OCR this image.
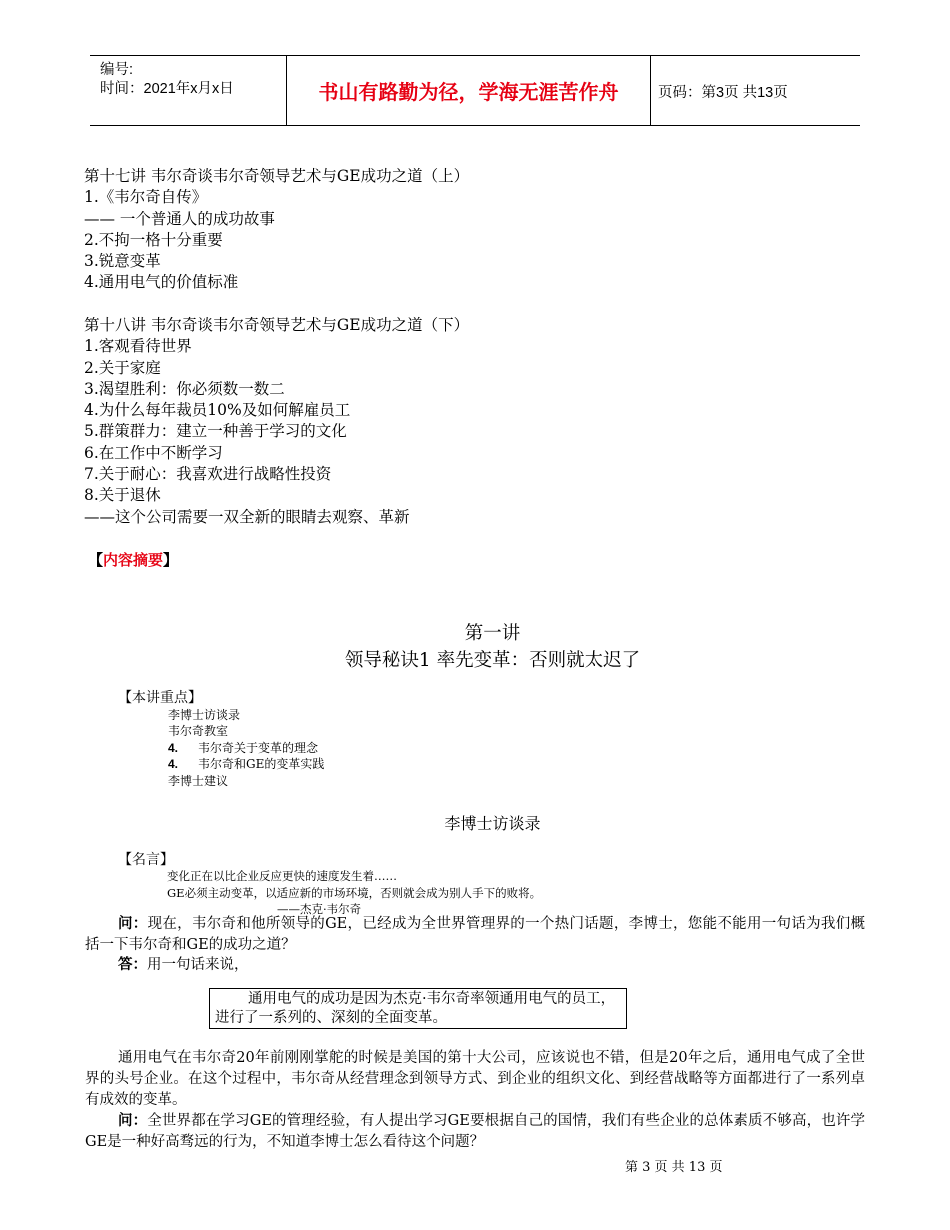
编号:
时间：2021年x月x日	书山有路勤为径，学海无涯苦作舟	页码：第3页 共13页
第十七讲 韦尔奇谈韦尔奇领导艺术与GE成功之道（上）
1.《韦尔奇自传》
—— 一个普通人的成功故事
2.不拘一格十分重要
3.锐意变革
4.通用电气的价值标准
第十八讲 韦尔奇谈韦尔奇领导艺术与GE成功之道（下）
1.客观看待世界
2.关于家庭
3.渴望胜利：你必须数一数二
4.为什么每年裁员10%及如何解雇员工
5.群策群力：建立一种善于学习的文化
6.在工作中不断学习
7.关于耐心：我喜欢进行战略性投资
8.关于退休
——这个公司需要一双全新的眼睛去观察、革新
【内容摘要】
第一讲
领导秘诀1 率先变革：否则就太迟了
【本讲重点】
李博士访谈录
韦尔奇教室
4. 韦尔奇关于变革的理念
4. 韦尔奇和GE的变革实践
李博士建议
李博士访谈录
【名言】
变化正在以比企业反应更快的速度发生着……
GE必须主动变革，以适应新的市场环境，否则就会成为别人手下的败将。
——杰克·韦尔奇
问：现在，韦尔奇和他所领导的GE，已经成为全世界管理界的一个热门话题，李博士，您能不能用一句话为我们概括一下韦尔奇和GE的成功之道？
答：用一句话来说，
通用电气的成功是因为杰克·韦尔奇率领通用电气的员工，进行了一系列的、深刻的全面变革。
通用电气在韦尔奇20年前刚刚掌舵的时候是美国的第十大公司，应该说也不错，但是20年之后，通用电气成了全世界的头号企业。在这个过程中，韦尔奇从经营理念到领导方式、到企业的组织文化、到经营战略等方面都进行了一系列卓有成效的变革。
问：全世界都在学习GE的管理经验，有人提出学习GE要根据自己的国情，我们有些企业的总体素质不够高，也许学GE是一种好高骛远的行为，不知道李博士怎么看待这个问题？
第 3 页 共 13 页
